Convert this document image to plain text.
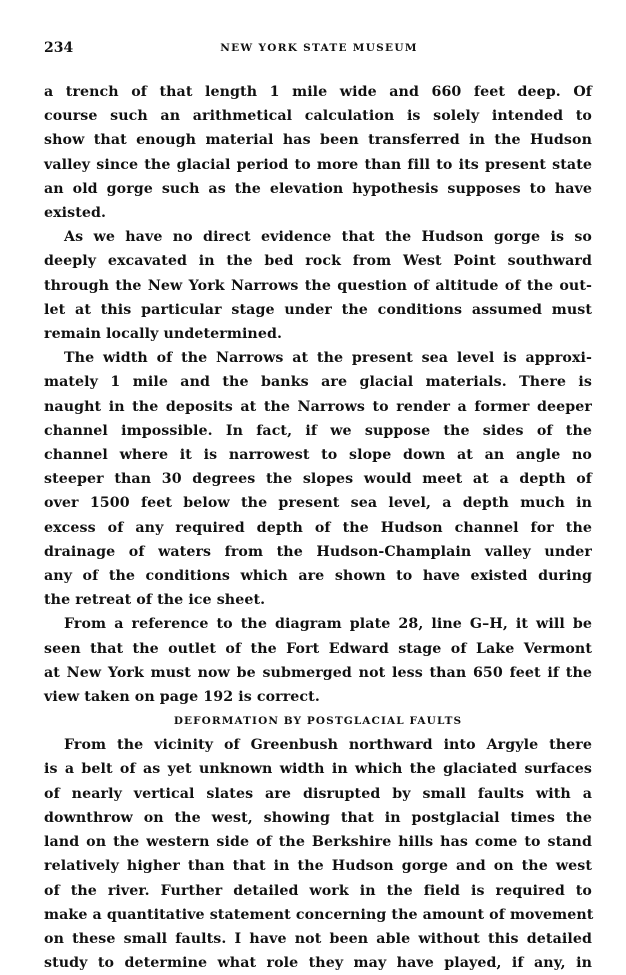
234	NEW YORK STATE MUSEUM

a trench of that length 1 mile wide and 660 feet deep. Of
course such an arithmetical calculation is solely intended to
show that enough material has been transferred in the Hudson
valley since the glacial period to more than fill to its present state
an old gorge such as the elevation hypothesis supposes to have
existed.

As we have no direct evidence that the Hudson gorge is so
deeply excavated in the bed rock from West Point southward
through the New York Narrows the question of altitude of the out-
let at this particular stage under the conditions assumed must
remain locally undetermined.

The width of the Narrows at the present sea level is approxi-
mately 1 mile and the banks are glacial materials. There is
naught in the deposits at the Narrows to render a former deeper
channel impossible. In fact, if we suppose the sides of the
channel where it is narrowest to slope down at an angle no
steeper than 30 degrees the slopes would meet at a depth of
over 1500 feet below the present sea level, a depth much in
excess of any required depth of the Hudson channel for the
drainage of waters from the Hudson-Champlain valley under
any of the conditions which are shown to have existed during
the retreat of the ice sheet.

From a reference to the diagram plate 28, line G–H, it will be
seen that the outlet of the Fort Edward stage of Lake Vermont
at New York must now be submerged not less than 650 feet if the
view taken on page 192 is correct.

DEFORMATION BY POSTGLACIAL FAULTS

From the vicinity of Greenbush northward into Argyle there
is a belt of as yet unknown width in which the glaciated surfaces
of nearly vertical slates are disrupted by small faults with a
downthrow on the west, showing that in postglacial times the
land on the western side of the Berkshire hills has come to stand
relatively higher than that in the Hudson gorge and on the west
of the river. Further detailed work in the field is required to
make a quantitative statement concerning the amount of movement
on these small faults. I have not been able without this detailed
study to determine what role they may have played, if any, in
